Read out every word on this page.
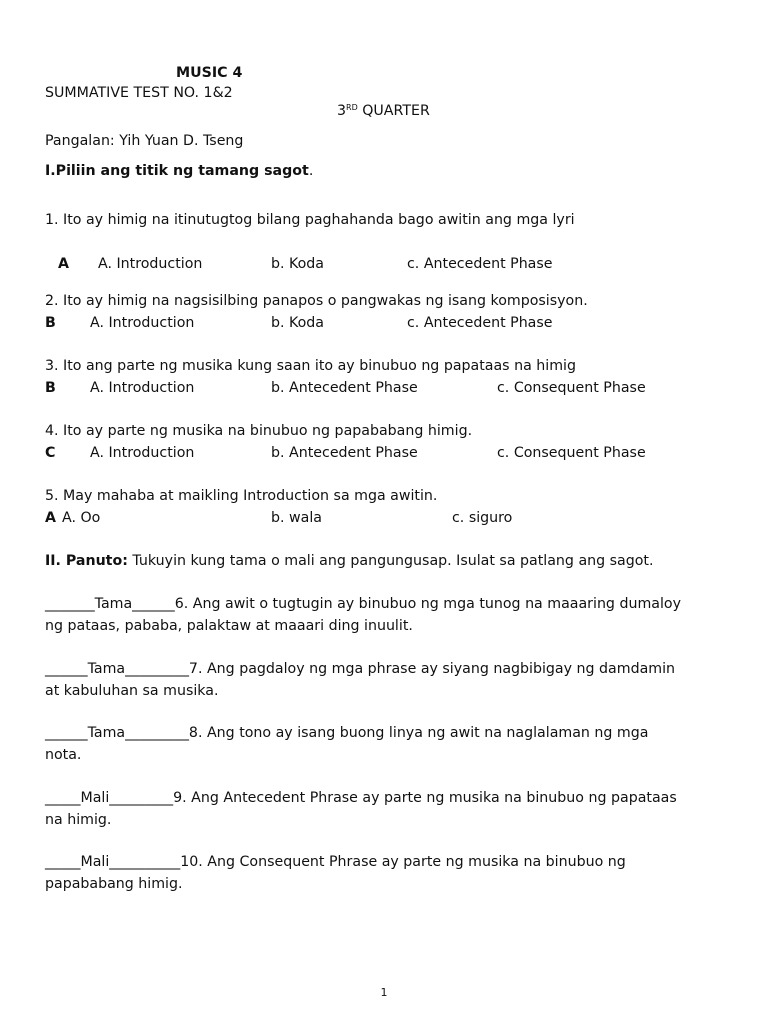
MUSIC 4
SUMMATIVE TEST NO. 1&2
3RD QUARTER
Pangalan: Yih Yuan D. Tseng
I.Piliin ang titik ng tamang sagot.
1. Ito ay himig na itinutugtog bilang paghahanda bago awitin ang mga lyri
A A. Introduction	b. Koda	c. Antecedent Phase
2. Ito ay himig na nagsisilbing panapos o pangwakas ng isang komposisyon.
B A. Introduction	b. Koda	c. Antecedent Phase
3. Ito ang parte ng musika kung saan ito ay binubuo ng papataas na himig
B A. Introduction	b. Antecedent Phase	c. Consequent Phase
4. Ito ay parte ng musika na binubuo ng papababang himig.
C A. Introduction	b. Antecedent Phase	c. Consequent Phase
5. May mahaba at maikling Introduction sa mga awitin.
A A. Oo	b. wala	c. siguro
II. Panuto: Tukuyin kung tama o mali ang pangungusap. Isulat sa patlang ang sagot.
_______Tama______6. Ang awit o tugtugin ay binubuo ng mga tunog na maaaring dumaloy
ng pataas, pababa, palaktaw at maaari ding inuulit.
______Tama_________7. Ang pagdaloy ng mga phrase ay siyang nagbibigay ng damdamin
at kabuluhan sa musika.
______Tama_________8. Ang tono ay isang buong linya ng awit na naglalaman ng mga
nota.
_____Mali_________9. Ang Antecedent Phrase ay parte ng musika na binubuo ng papataas
na himig.
_____Mali__________10. Ang Consequent Phrase ay parte ng musika na binubuo ng
papababang himig.
1
